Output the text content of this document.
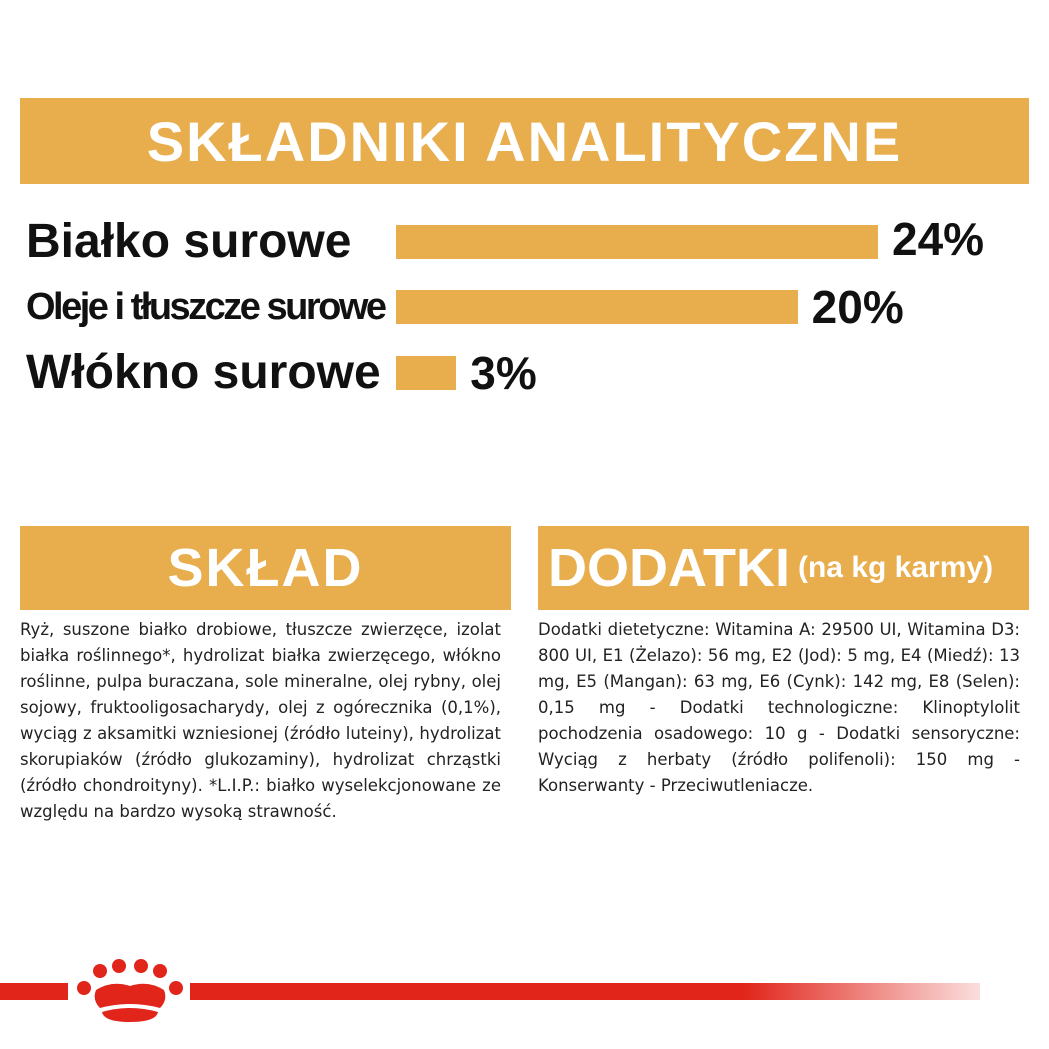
SKŁADNIKI ANALITYCZNE
Białko surowe	24%
Oleje i tłuszcze surowe	20%
Włókno surowe 3%
SKŁAD
Ryż, suszone białko drobiowe, tłuszcze zwierzęce, izolat białka roślinnego*, hydrolizat białka zwierzęcego, włókno roślinne, pulpa buraczana, sole mineralne, olej rybny, olej sojowy, fruktooligosacharydy, olej z ogórecznika (0,1%), wyciąg z aksamitki wzniesionej (źródło luteiny), hydrolizat skorupiaków (źródło glukozaminy), hydrolizat chrząstki (źródło chondroityny). *L.I.P.: białko wyselekcjonowane ze względu na bardzo wysoką strawność.
DODATKI (na kg karmy)
Dodatki dietetyczne: Witamina A: 29500 UI, Witamina D3: 800 UI, E1 (Żelazo): 56 mg, E2 (Jod): 5 mg, E4 (Miedź): 13 mg, E5 (Mangan): 63 mg, E6 (Cynk): 142 mg, E8 (Selen): 0,15 mg - Dodatki technologiczne: Klinoptylolit pochodzenia osadowego: 10 g - Dodatki sensoryczne: Wyciąg z herbaty (źródło polifenoli): 150 mg - Konserwanty - Przeciwutleniacze.
